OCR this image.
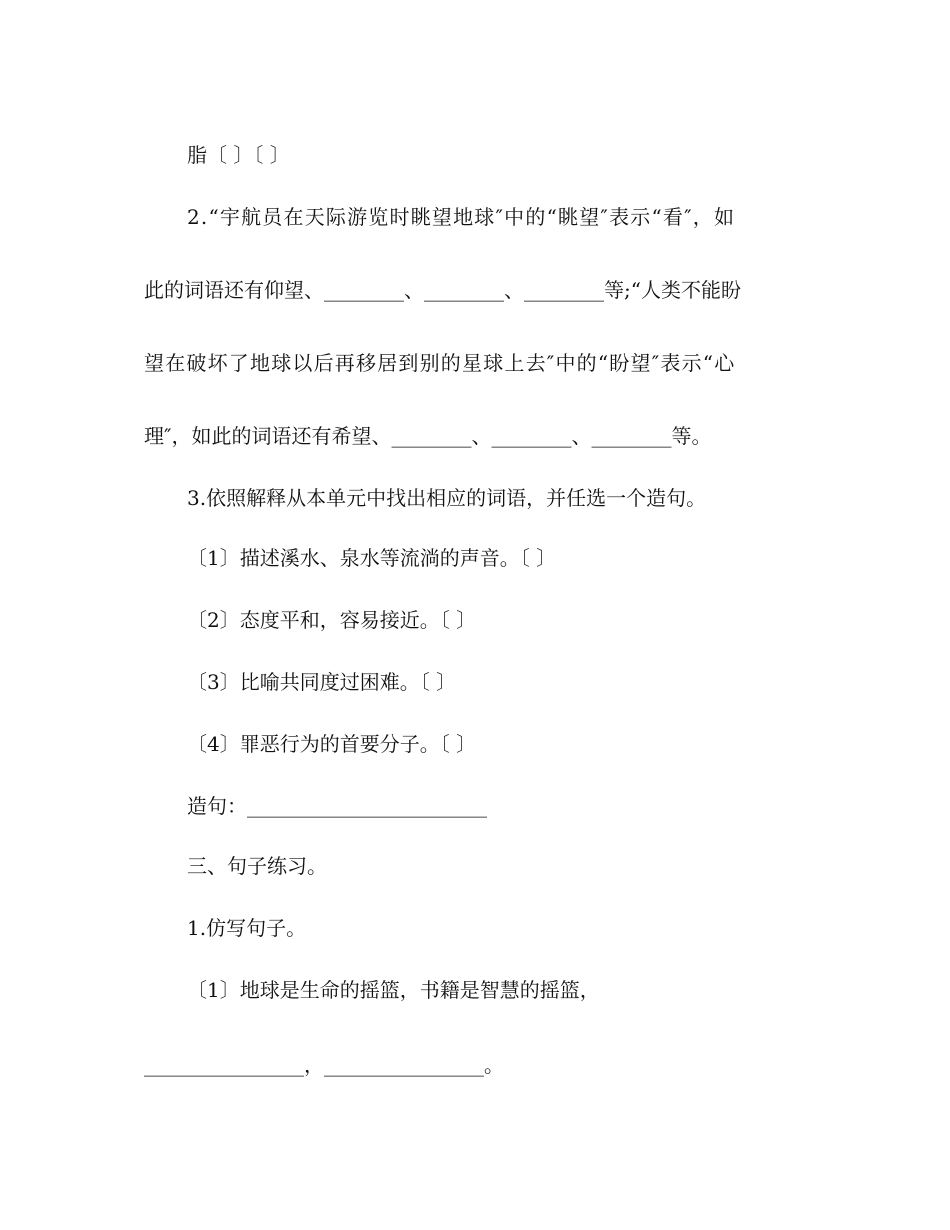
脂〔 〕〔 〕
2.“宇航员在天际游览时眺望地球″中的“眺望″表示“看″，如
此的词语还有仰望、________、________、________等;“人类不能盼
望在破坏了地球以后再移居到别的星球上去″中的“盼望″表示“心
理″，如此的词语还有希望、________、________、________等。
3.依照解释从本单元中找出相应的词语，并任选一个造句。
〔1〕描述溪水、泉水等流淌的声音。〔 〕
〔2〕态度平和，容易接近。〔 〕
〔3〕比喻共同度过困难。〔 〕
〔4〕罪恶行为的首要分子。〔 〕
造句：________________________
三、句子练习。
1.仿写句子。
〔1〕地球是生命的摇篮，书籍是智慧的摇篮，
________________，________________。
